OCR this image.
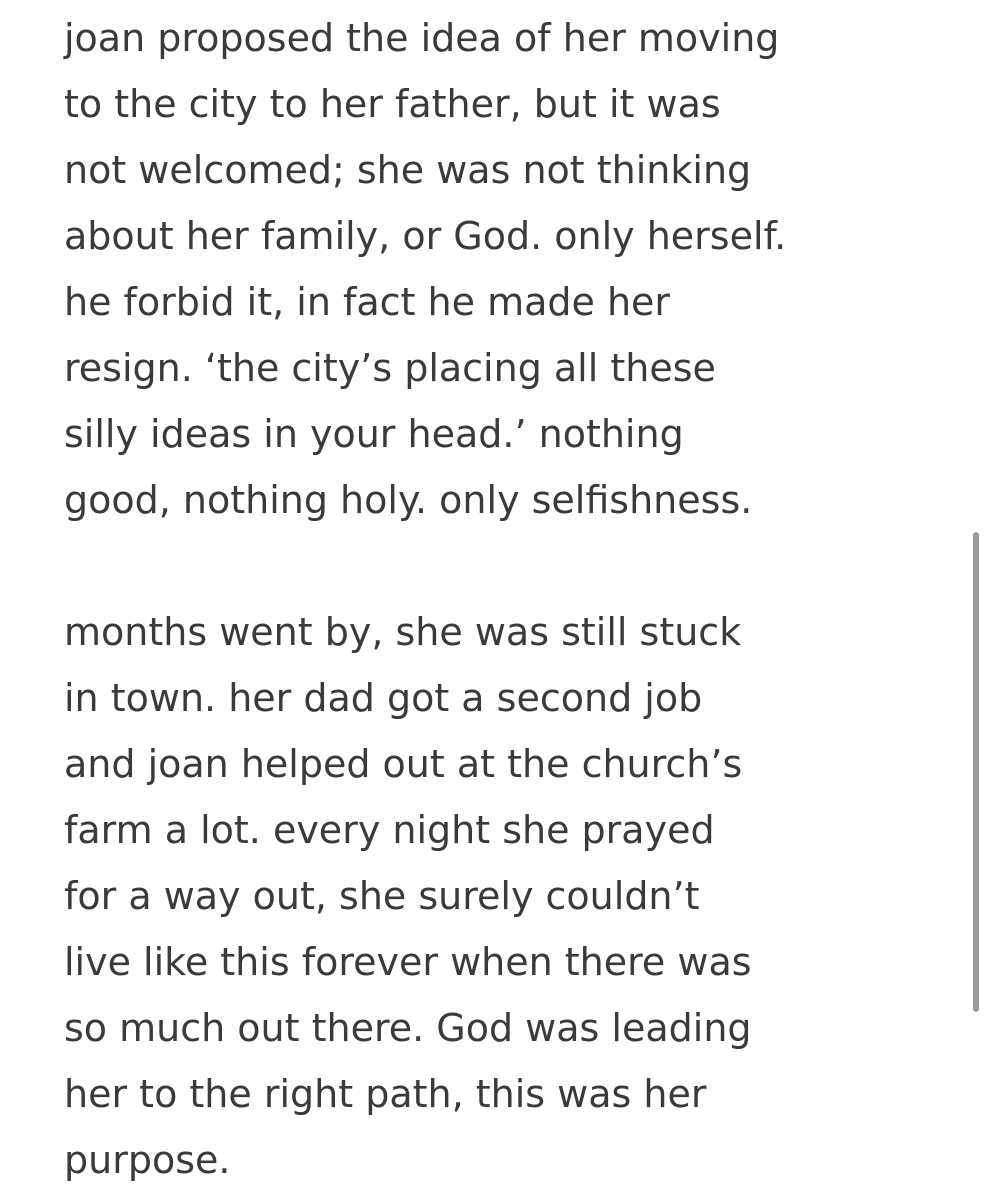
joan proposed the idea of her moving
to the city to her father, but it was
not welcomed; she was not thinking
about her family, or God. only herself.
he forbid it, in fact he made her
resign. ‘the city’s placing all these
silly ideas in your head.’ nothing
good, nothing holy. only selfishness.
months went by, she was still stuck
in town. her dad got a second job
and joan helped out at the church’s
farm a lot. every night she prayed
for a way out, she surely couldn’t
live like this forever when there was
so much out there. God was leading
her to the right path, this was her
purpose.
